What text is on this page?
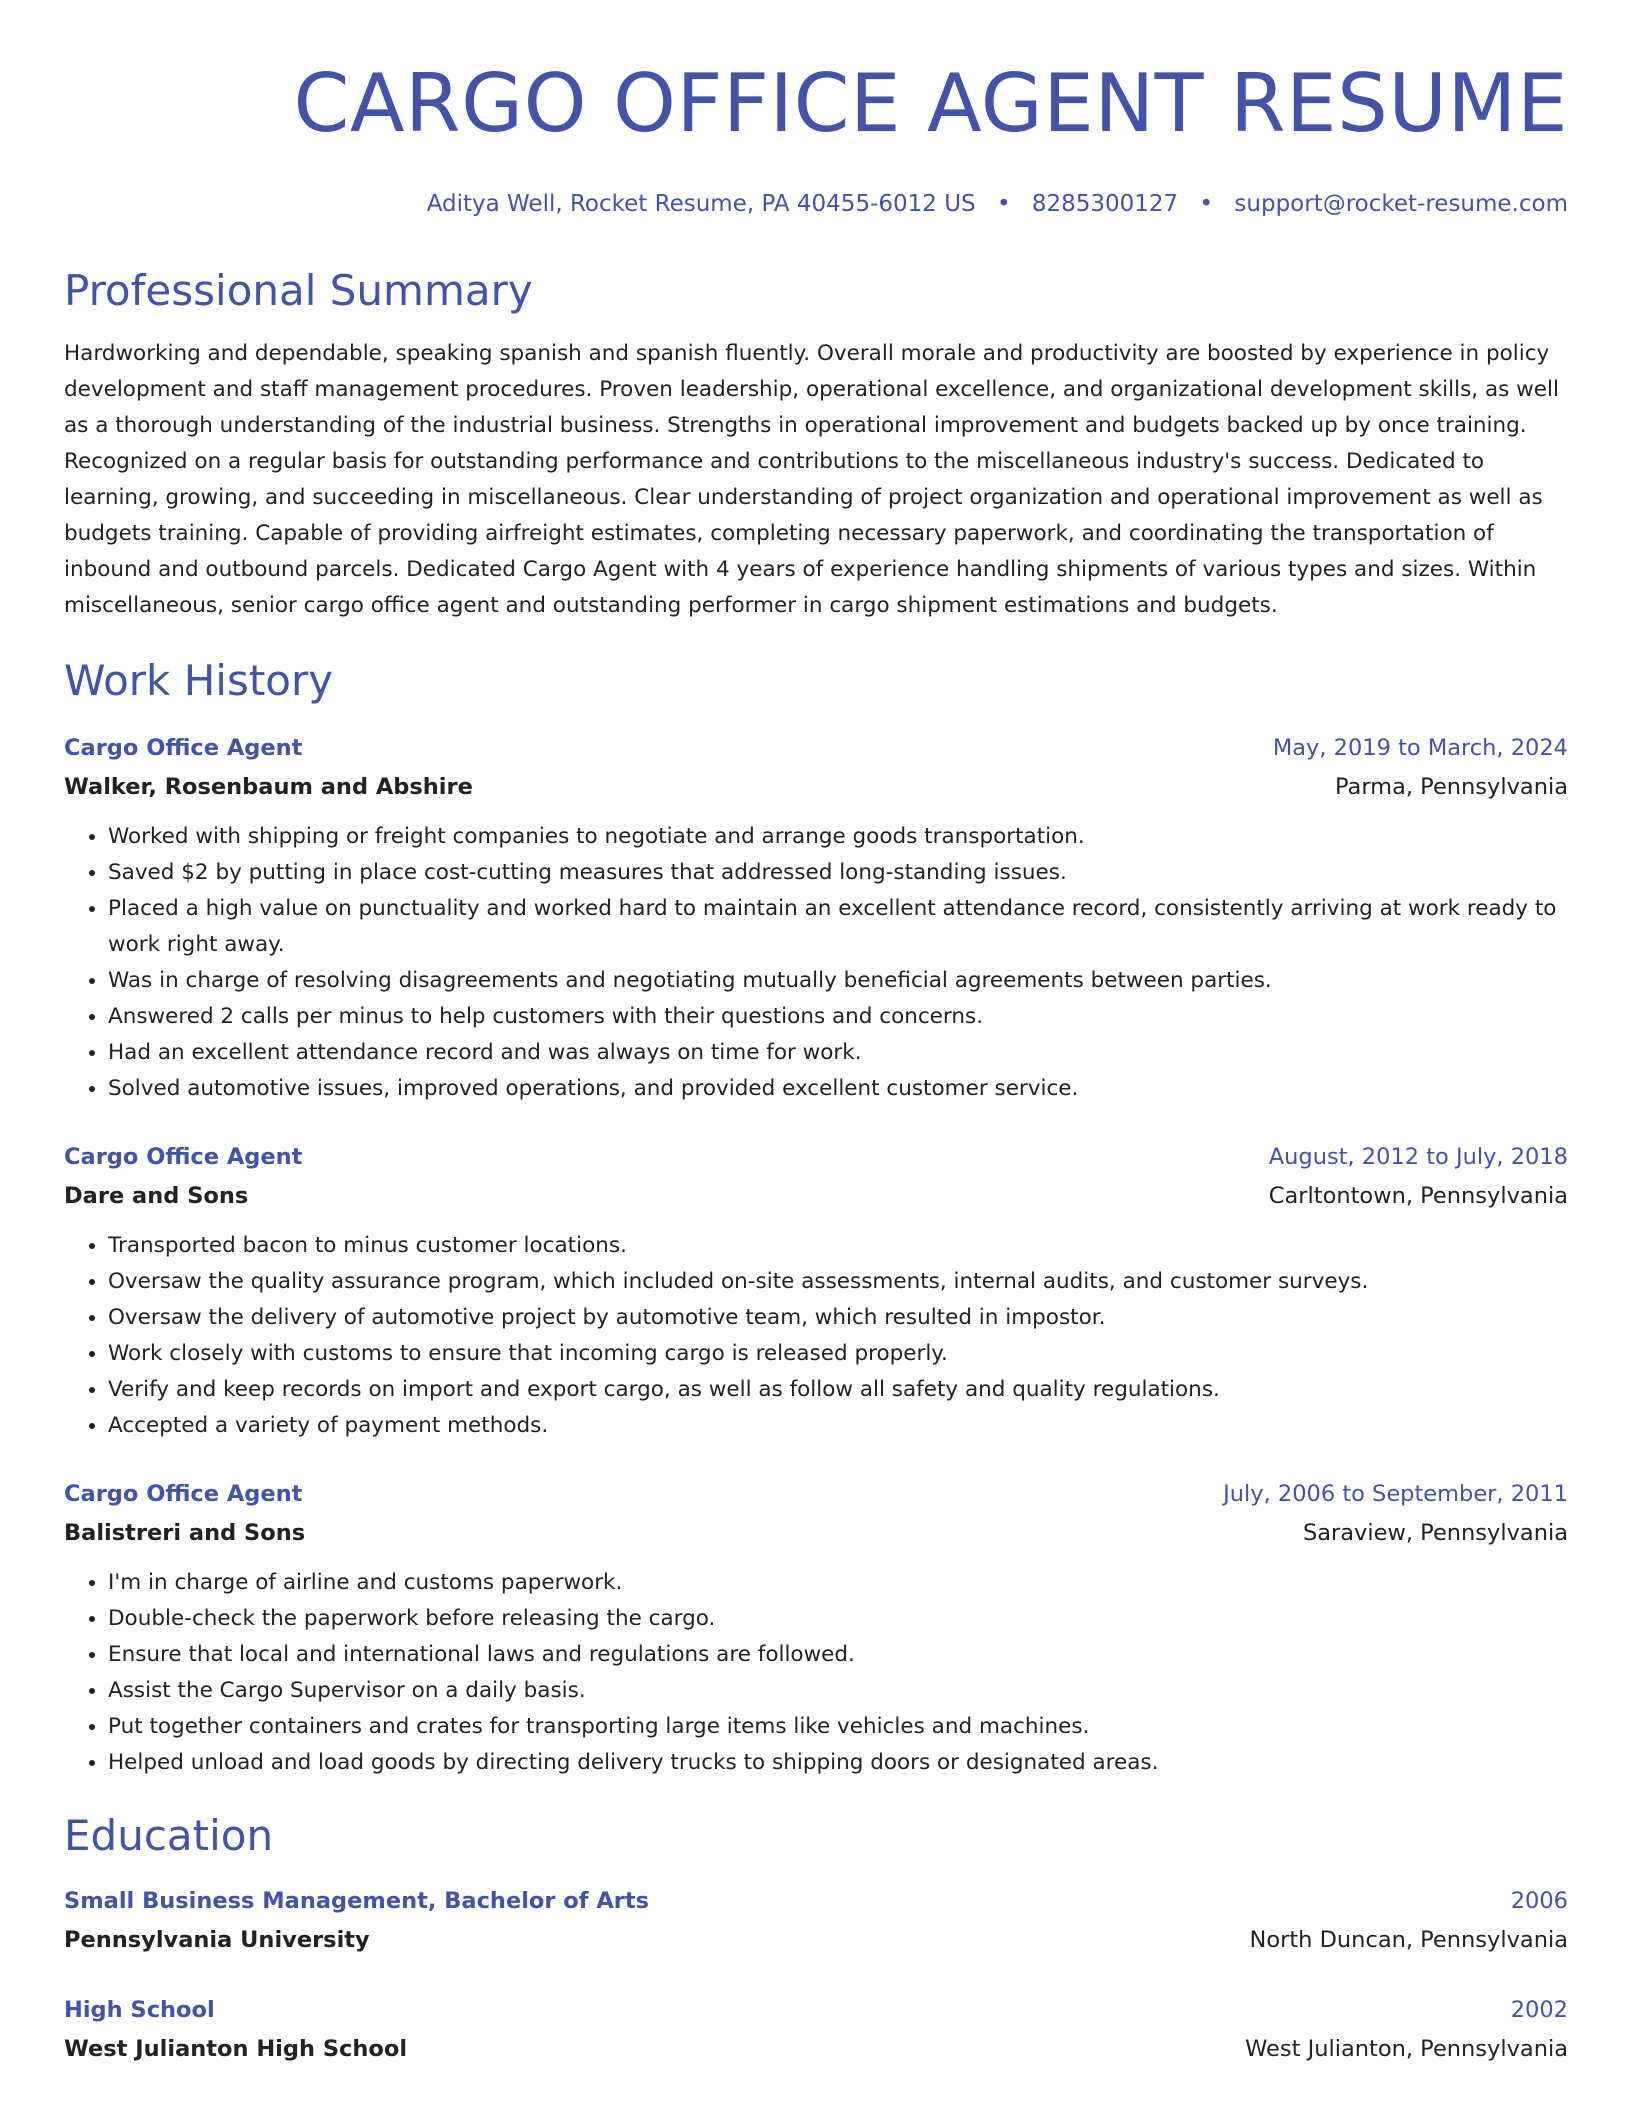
CARGO OFFICE AGENT RESUME
Aditya Well, Rocket Resume, PA 40455-6012 US • 8285300127 • support@rocket-resume.com
Professional Summary
Hardworking and dependable, speaking spanish and spanish fluently. Overall morale and productivity are boosted by experience in policy development and staff management procedures. Proven leadership, operational excellence, and organizational development skills, as well as a thorough understanding of the industrial business. Strengths in operational improvement and budgets backed up by once training. Recognized on a regular basis for outstanding performance and contributions to the miscellaneous industry's success. Dedicated to learning, growing, and succeeding in miscellaneous. Clear understanding of project organization and operational improvement as well as budgets training. Capable of providing airfreight estimates, completing necessary paperwork, and coordinating the transportation of inbound and outbound parcels. Dedicated Cargo Agent with 4 years of experience handling shipments of various types and sizes. Within miscellaneous, senior cargo office agent and outstanding performer in cargo shipment estimations and budgets.
Work History
Cargo Office Agent	May, 2019 to March, 2024
Walker, Rosenbaum and Abshire	Parma, Pennsylvania
• Worked with shipping or freight companies to negotiate and arrange goods transportation.
• Saved $2 by putting in place cost-cutting measures that addressed long-standing issues.
• Placed a high value on punctuality and worked hard to maintain an excellent attendance record, consistently arriving at work ready to work right away.
• Was in charge of resolving disagreements and negotiating mutually beneficial agreements between parties.
• Answered 2 calls per minus to help customers with their questions and concerns.
• Had an excellent attendance record and was always on time for work.
• Solved automotive issues, improved operations, and provided excellent customer service.
Cargo Office Agent	August, 2012 to July, 2018
Dare and Sons	Carltontown, Pennsylvania
• Transported bacon to minus customer locations.
• Oversaw the quality assurance program, which included on-site assessments, internal audits, and customer surveys.
• Oversaw the delivery of automotive project by automotive team, which resulted in impostor.
• Work closely with customs to ensure that incoming cargo is released properly.
• Verify and keep records on import and export cargo, as well as follow all safety and quality regulations.
• Accepted a variety of payment methods.
Cargo Office Agent	July, 2006 to September, 2011
Balistreri and Sons	Saraview, Pennsylvania
• I'm in charge of airline and customs paperwork.
• Double-check the paperwork before releasing the cargo.
• Ensure that local and international laws and regulations are followed.
• Assist the Cargo Supervisor on a daily basis.
• Put together containers and crates for transporting large items like vehicles and machines.
• Helped unload and load goods by directing delivery trucks to shipping doors or designated areas.
Education
Small Business Management, Bachelor of Arts	2006
Pennsylvania University	North Duncan, Pennsylvania
High School	2002
West Julianton High School	West Julianton, Pennsylvania
